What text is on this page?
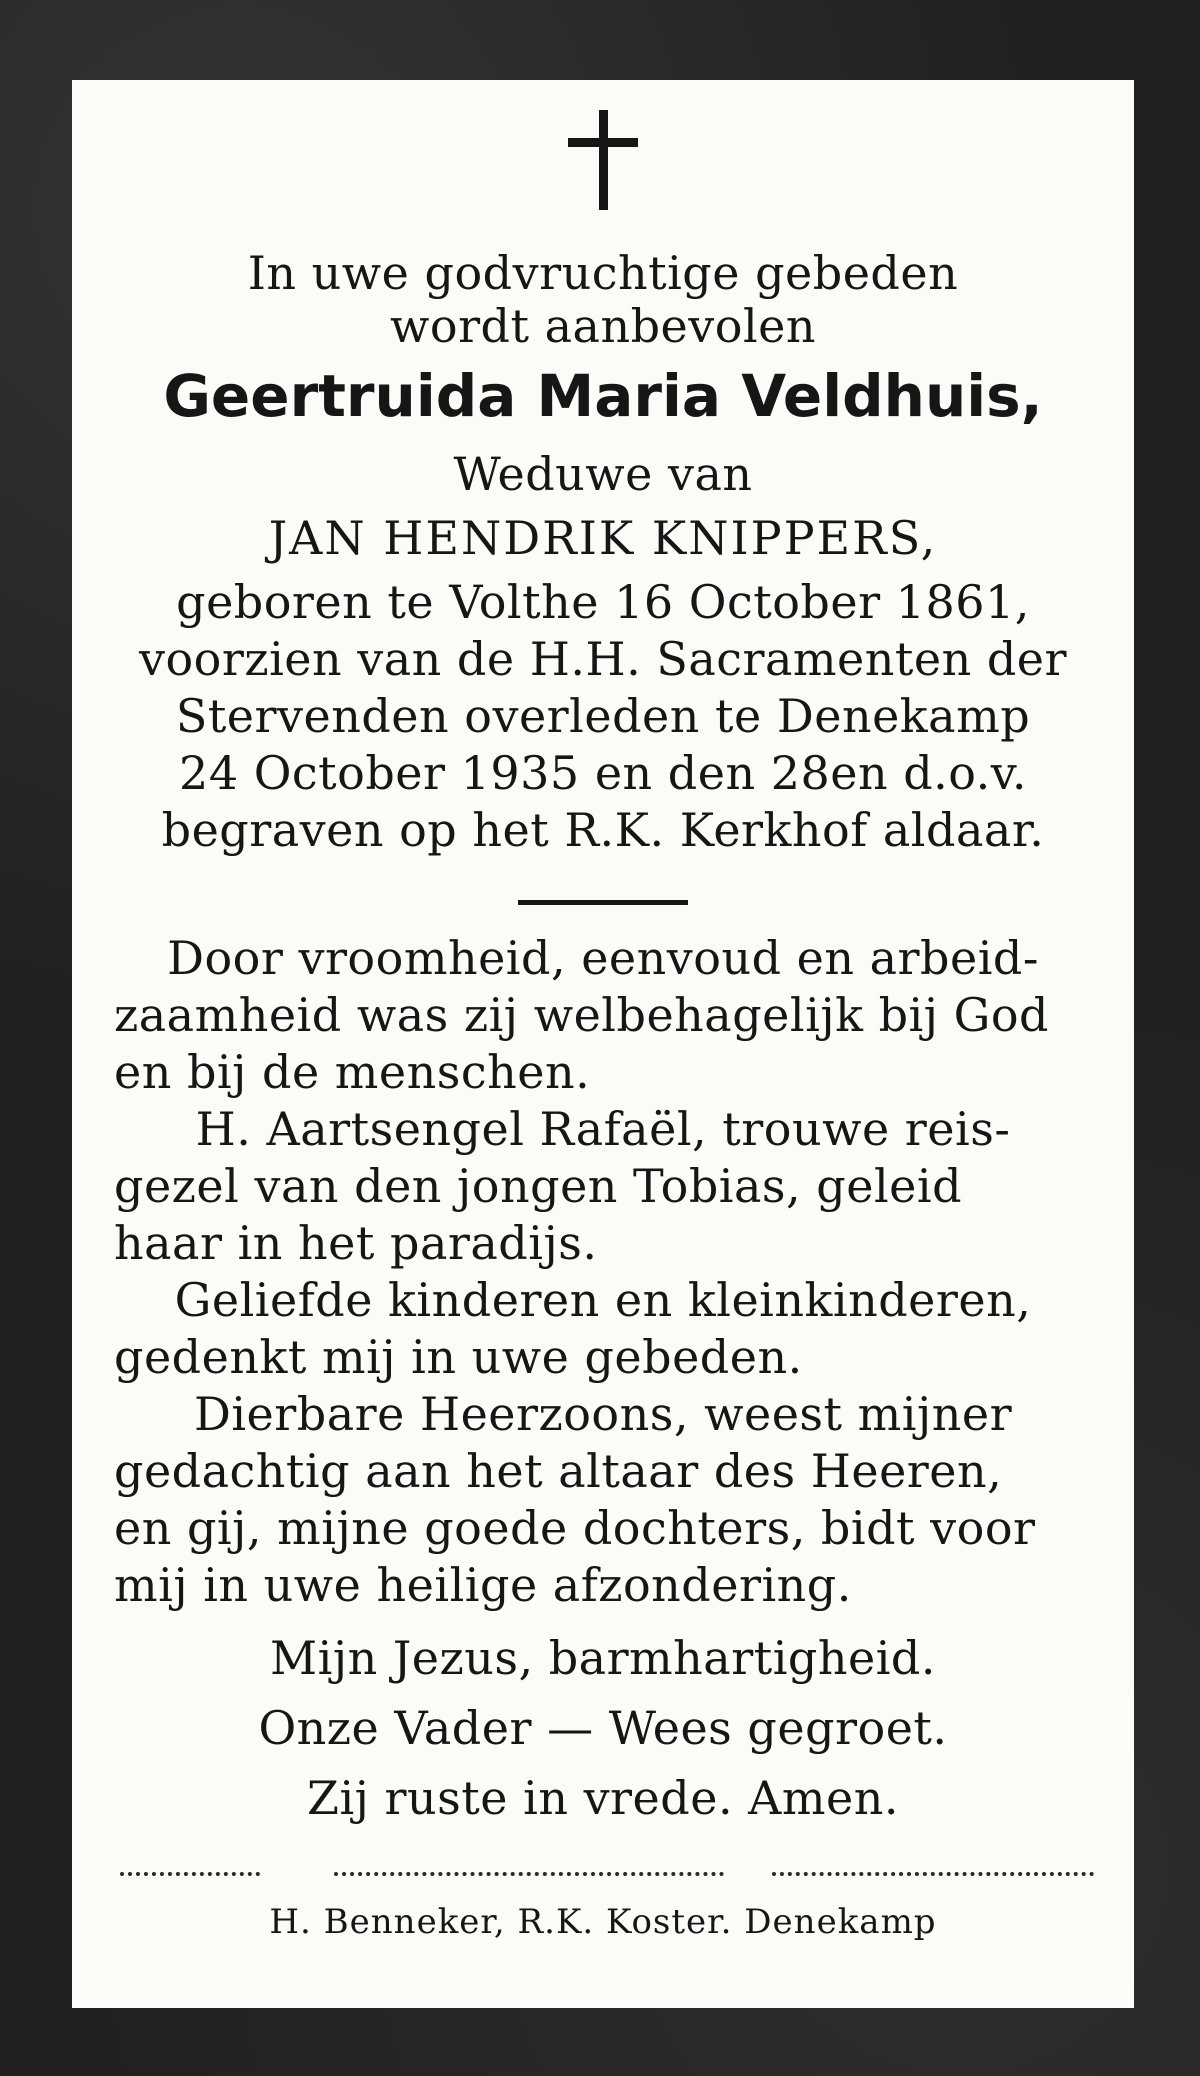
In uwe godvruchtige gebeden
wordt aanbevolen
Geertruida Maria Veldhuis,
Weduwe van
JAN HENDRIK KNIPPERS,
geboren te Volthe 16 October 1861,
voorzien van de H.H. Sacramenten der
Stervenden overleden te Denekamp
24 October 1935 en den 28en d.o.v.
begraven op het R.K. Kerkhof aldaar.
Door vroomheid, eenvoud en arbeid-
zaamheid was zij welbehagelijk bij God
en bij de menschen.
H. Aartsengel Rafaël, trouwe reis-
gezel van den jongen Tobias, geleid
haar in het paradijs.
Geliefde kinderen en kleinkinderen,
gedenkt mij in uwe gebeden.
Dierbare Heerzoons, weest mijner
gedachtig aan het altaar des Heeren,
en gij, mijne goede dochters, bidt voor
mij in uwe heilige afzondering.
Mijn Jezus, barmhartigheid.
Onze Vader — Wees gegroet.
Zij ruste in vrede. Amen.
H. Benneker, R.K. Koster. Denekamp
